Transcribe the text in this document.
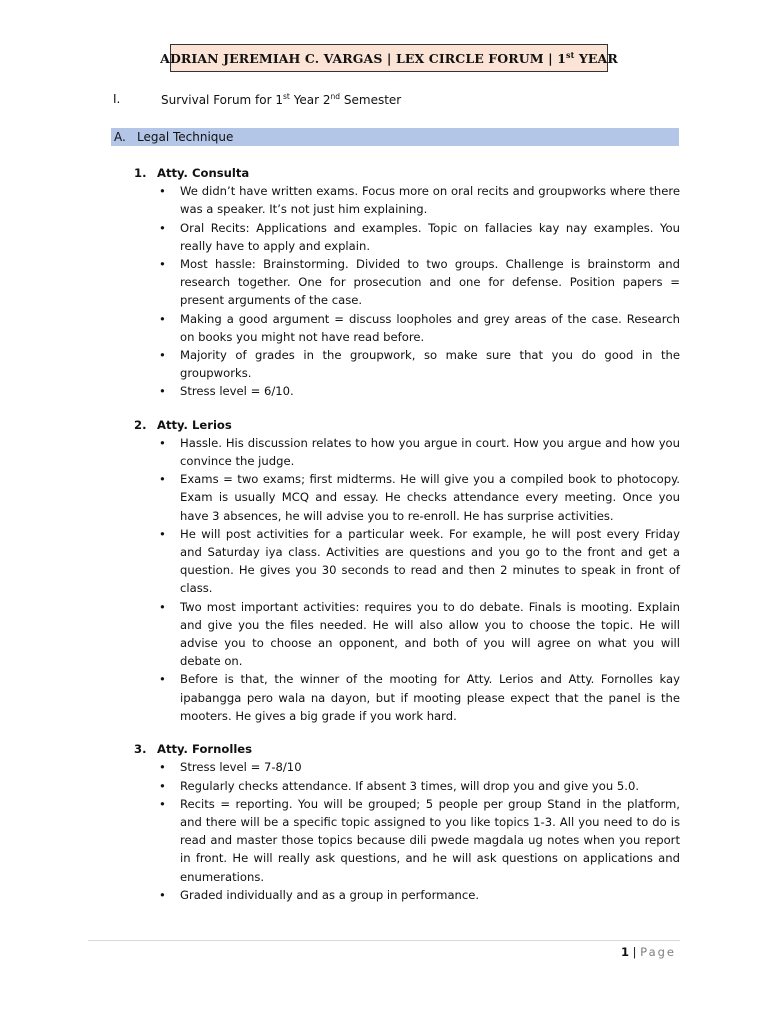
ADRIAN JEREMIAH C. VARGAS | LEX CIRCLE FORUM | 1st YEAR
I.	Survival Forum for 1st Year 2nd Semester
A. Legal Technique
1. Atty. Consulta
• We didn’t have written exams. Focus more on oral recits and groupworks where there was a speaker. It’s not just him explaining.
• Oral Recits: Applications and examples. Topic on fallacies kay nay examples. You really have to apply and explain.
• Most hassle: Brainstorming. Divided to two groups. Challenge is brainstorm and research together. One for prosecution and one for defense. Position papers = present arguments of the case.
• Making a good argument = discuss loopholes and grey areas of the case. Research on books you might not have read before.
• Majority of grades in the groupwork, so make sure that you do good in the groupworks.
• Stress level = 6/10.
2. Atty. Lerios
• Hassle. His discussion relates to how you argue in court. How you argue and how you convince the judge.
• Exams = two exams; first midterms. He will give you a compiled book to photocopy. Exam is usually MCQ and essay. He checks attendance every meeting. Once you have 3 absences, he will advise you to re-enroll. He has surprise activities.
• He will post activities for a particular week. For example, he will post every Friday and Saturday iya class. Activities are questions and you go to the front and get a question. He gives you 30 seconds to read and then 2 minutes to speak in front of class.
• Two most important activities: requires you to do debate. Finals is mooting. Explain and give you the files needed. He will also allow you to choose the topic. He will advise you to choose an opponent, and both of you will agree on what you will debate on.
• Before is that, the winner of the mooting for Atty. Lerios and Atty. Fornolles kay ipabangga pero wala na dayon, but if mooting please expect that the panel is the mooters. He gives a big grade if you work hard.
3. Atty. Fornolles
• Stress level = 7-8/10
• Regularly checks attendance. If absent 3 times, will drop you and give you 5.0.
• Recits = reporting. You will be grouped; 5 people per group Stand in the platform, and there will be a specific topic assigned to you like topics 1-3. All you need to do is read and master those topics because dili pwede magdala ug notes when you report in front. He will really ask questions, and he will ask questions on applications and enumerations.
• Graded individually and as a group in performance.
1 | Page
